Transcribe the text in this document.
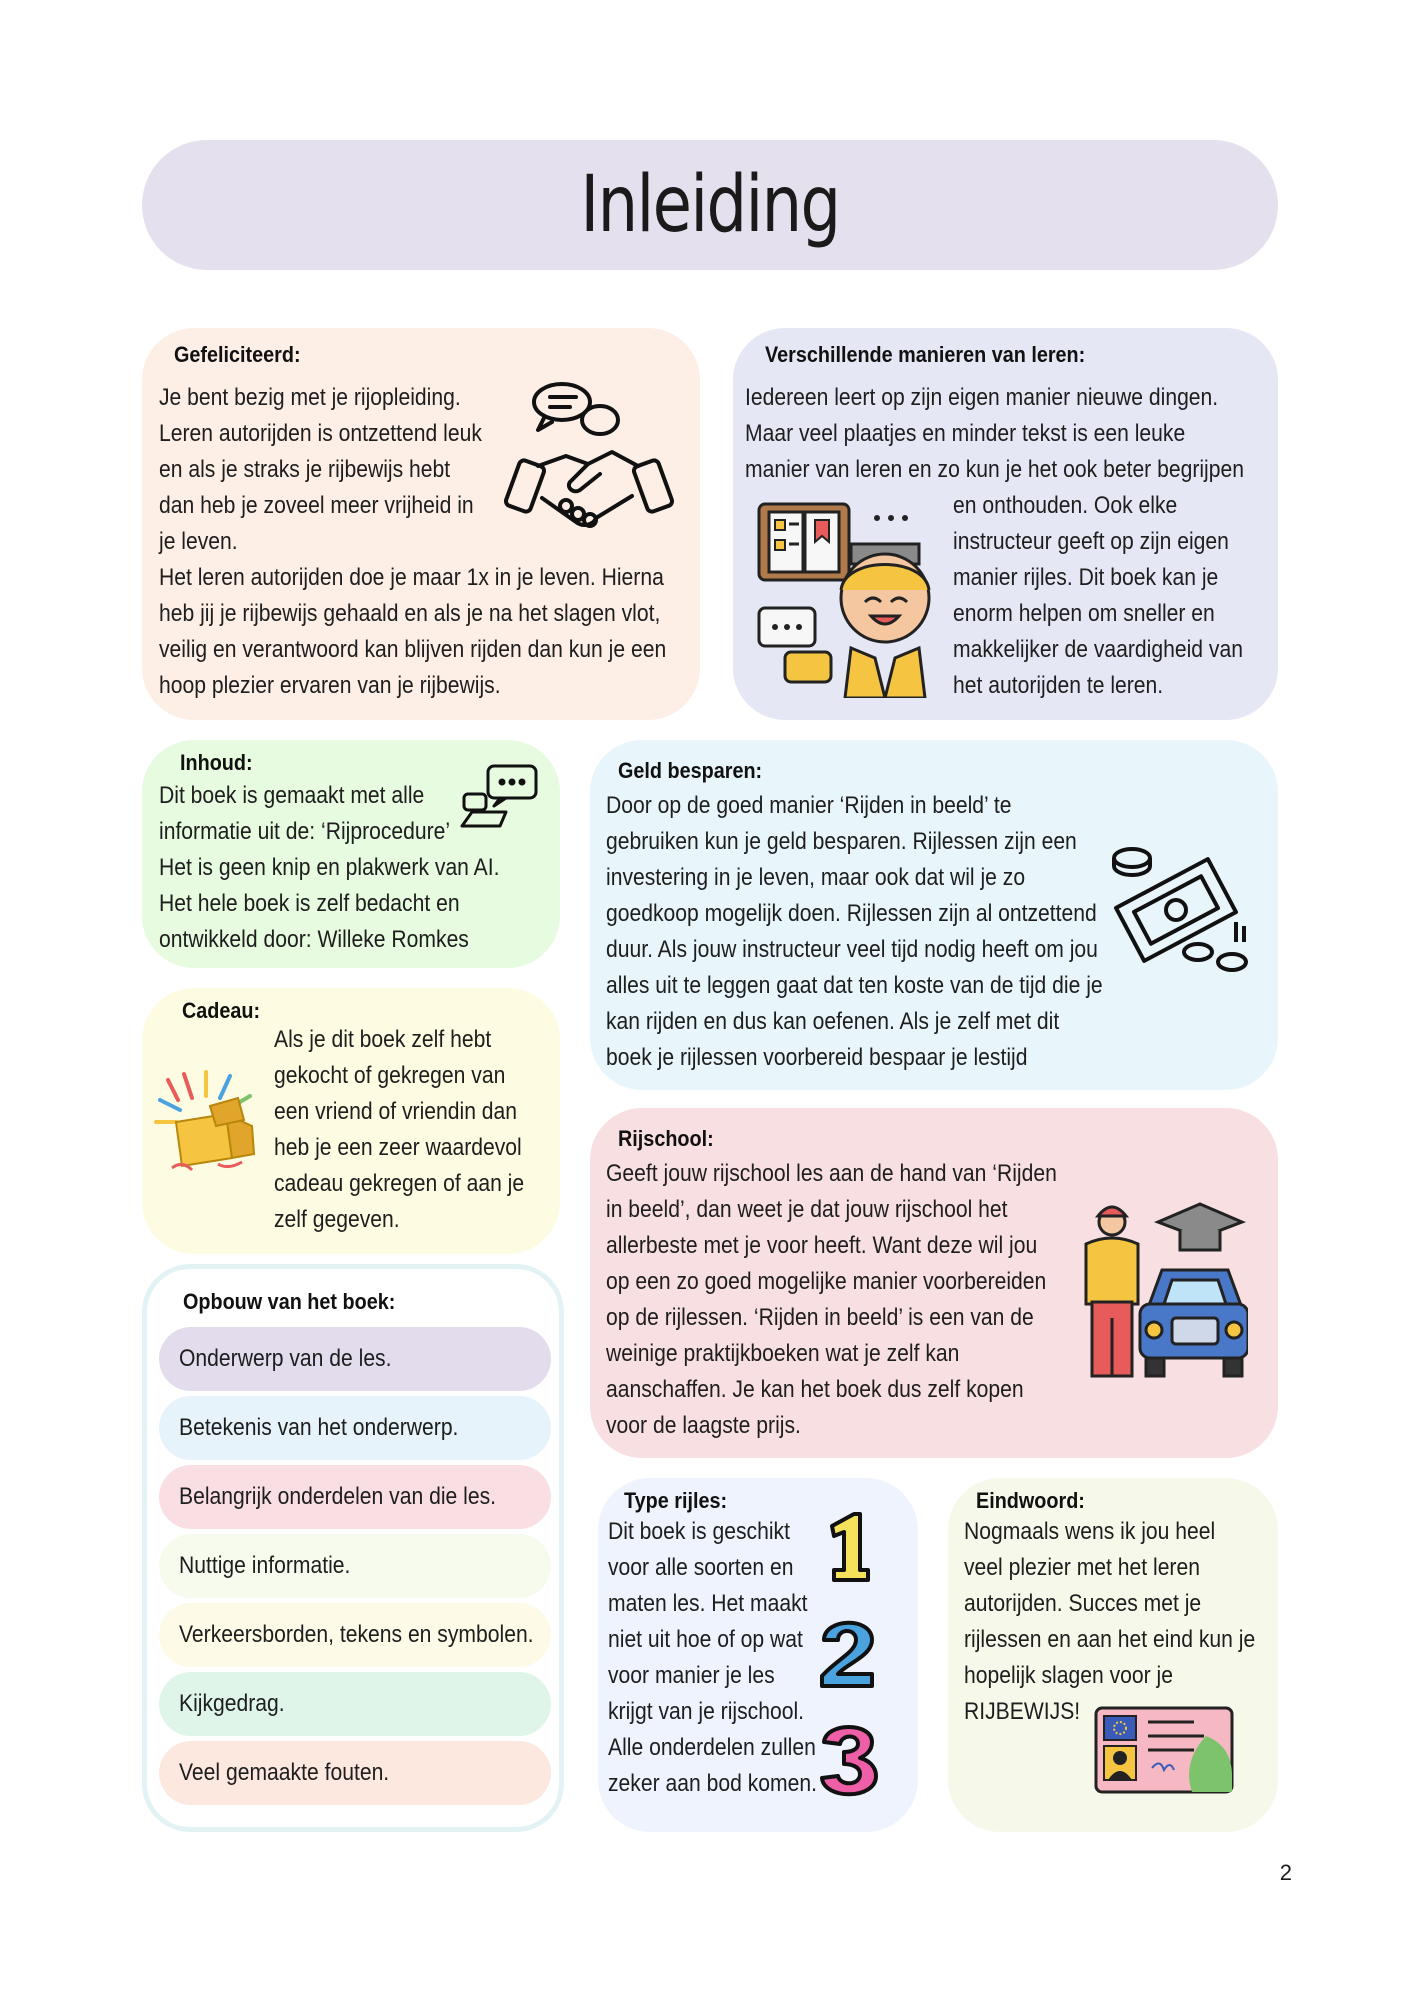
Inleiding
Gefeliciteerd:
Je bent bezig met je rijopleiding.
Leren autorijden is ontzettend leuk
en als je straks je rijbewijs hebt
dan heb je zoveel meer vrijheid in
je leven.
Het leren autorijden doe je maar 1x in je leven. Hierna
heb jij je rijbewijs gehaald en als je na het slagen vlot,
veilig en verantwoord kan blijven rijden dan kun je een
hoop plezier ervaren van je rijbewijs.
Verschillende manieren van leren:
Iedereen leert op zijn eigen manier nieuwe dingen.
Maar veel plaatjes en minder tekst is een leuke
manier van leren en zo kun je het ook beter begrijpen
en onthouden. Ook elke
instructeur geeft op zijn eigen
manier rijles. Dit boek kan je
enorm helpen om sneller en
makkelijker de vaardigheid van
het autorijden te leren.
Inhoud:
Dit boek is gemaakt met alle
informatie uit de: ‘Rijprocedure’
Het is geen knip en plakwerk van AI.
Het hele boek is zelf bedacht en
ontwikkeld door: Willeke Romkes
Geld besparen:
Door op de goed manier ‘Rijden in beeld’ te
gebruiken kun je geld besparen. Rijlessen zijn een
investering in je leven, maar ook dat wil je zo
goedkoop mogelijk doen. Rijlessen zijn al ontzettend
duur. Als jouw instructeur veel tijd nodig heeft om jou
alles uit te leggen gaat dat ten koste van de tijd die je
kan rijden en dus kan oefenen. Als je zelf met dit
boek je rijlessen voorbereid bespaar je lestijd
Cadeau:
Als je dit boek zelf hebt
gekocht of gekregen van
een vriend of vriendin dan
heb je een zeer waardevol
cadeau gekregen of aan je
zelf gegeven.
Opbouw van het boek:
Onderwerp van de les.
Betekenis van het onderwerp.
Belangrijk onderdelen van die les.
Nuttige informatie.
Verkeersborden, tekens en symbolen.
Kijkgedrag.
Veel gemaakte fouten.
Rijschool:
Geeft jouw rijschool les aan de hand van ‘Rijden
in beeld’, dan weet je dat jouw rijschool het
allerbeste met je voor heeft. Want deze wil jou
op een zo goed mogelijke manier voorbereiden
op de rijlessen. ‘Rijden in beeld’ is een van de
weinige praktijkboeken wat je zelf kan
aanschaffen. Je kan het boek dus zelf kopen
voor de laagste prijs.
Type rijles:
Dit boek is geschikt
voor alle soorten en
maten les. Het maakt
niet uit hoe of op wat
voor manier je les
krijgt van je rijschool.
Alle onderdelen zullen
zeker aan bod komen.
Eindwoord:
Nogmaals wens ik jou heel
veel plezier met het leren
autorijden. Succes met je
rijlessen en aan het eind kun je
hopelijk slagen voor je
RIJBEWIJS!
2
